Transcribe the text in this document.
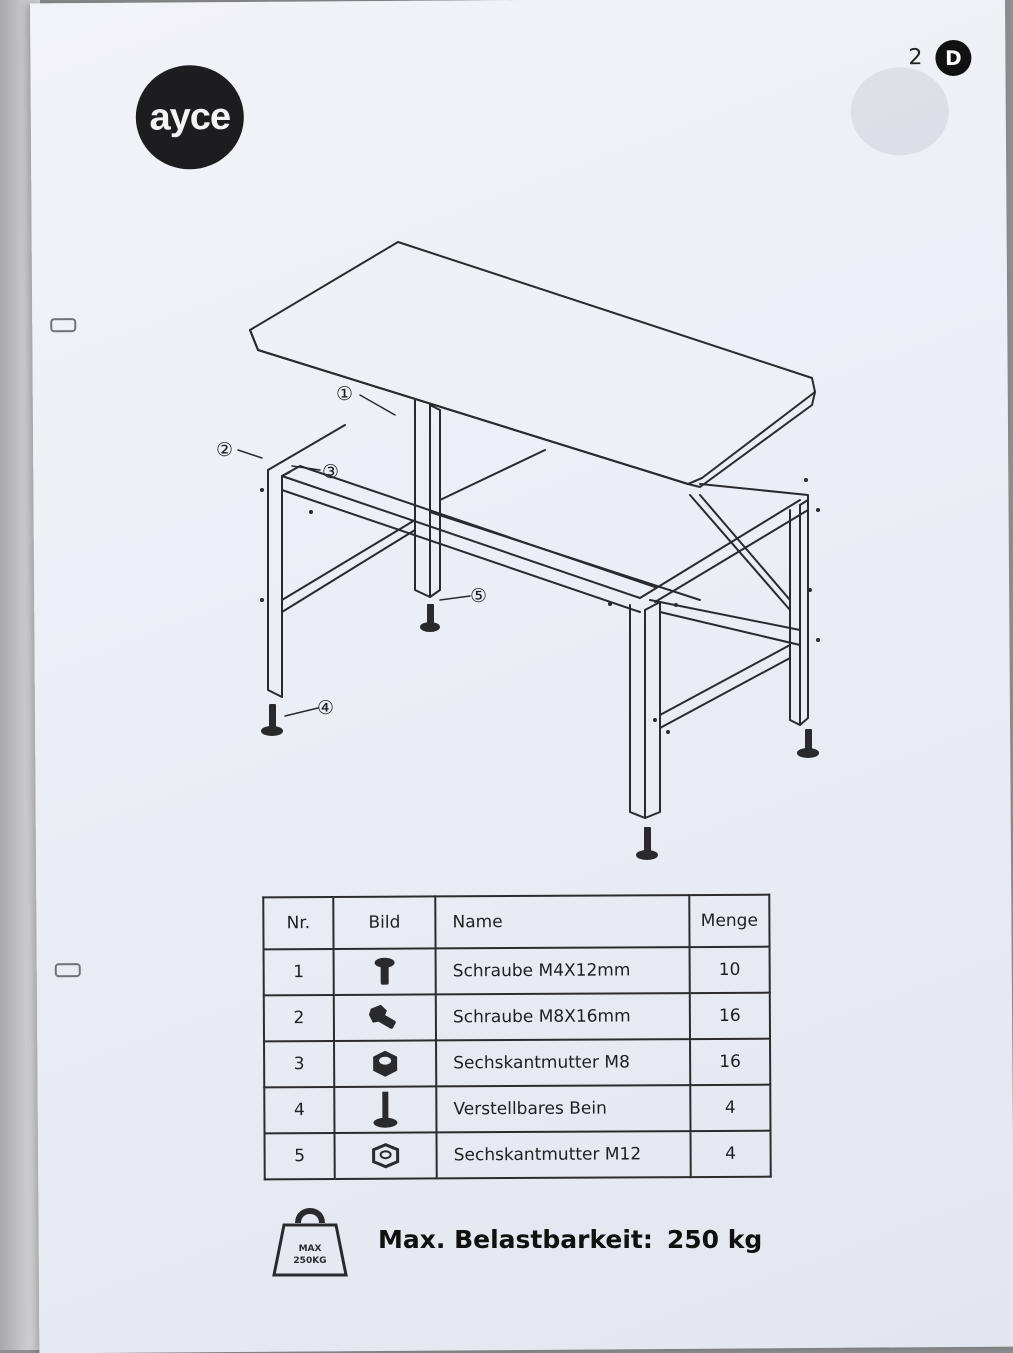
ayce
2	D
①
②
③
④
⑤
Nr.	Bild	Name	Menge
1		Schraube M4X12mm	10
2		Schraube M8X16mm	16
3		Sechskantmutter M8	16
4		Verstellbares Bein	4
5		Sechskantmutter M12	4
MAX
250KG
Max. Belastbarkeit: 250 kg
